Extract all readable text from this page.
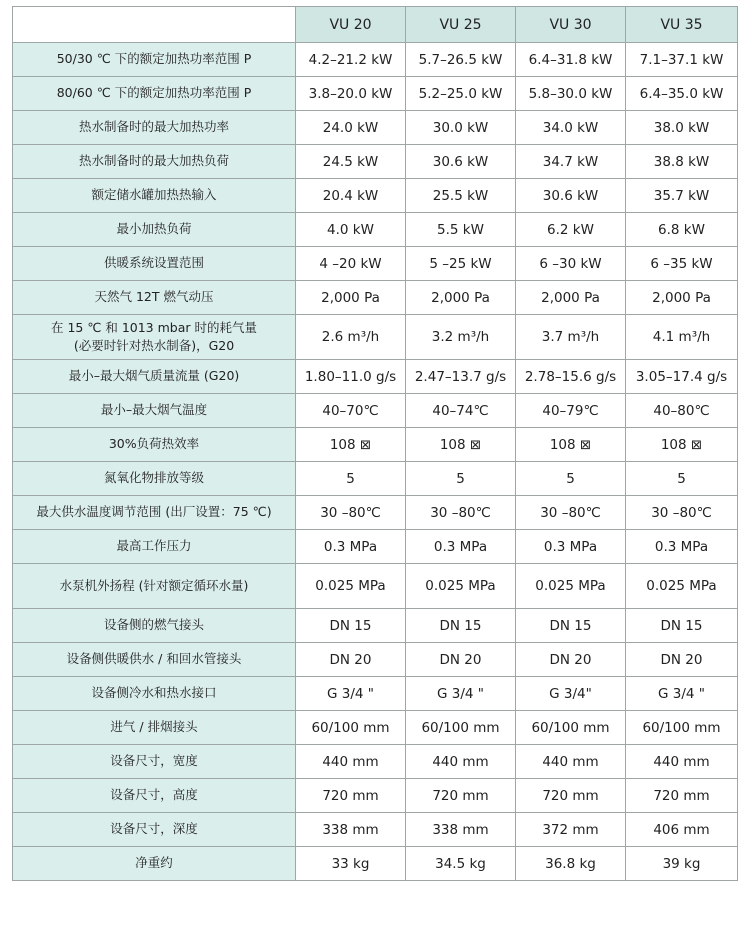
	VU 20	VU 25	VU 30	VU 35

50/30 ℃ 下的额定加热功率范围 P	4.2–21.2 kW	5.7–26.5 kW	6.4–31.8 kW	7.1–37.1 kW

80/60 ℃ 下的额定加热功率范围 P	3.8–20.0 kW	5.2–25.0 kW	5.8–30.0 kW	6.4–35.0 kW

热水制备时的最大加热功率	24.0 kW	30.0 kW	34.0 kW	38.0 kW

热水制备时的最大加热负荷	24.5 kW	30.6 kW	34.7 kW	38.8 kW

额定储水罐加热热输入	20.4 kW	25.5 kW	30.6 kW	35.7 kW

最小加热负荷	4.0 kW	5.5 kW	6.2 kW	6.8 kW

供暖系统设置范围	4 –20 kW	5 –25 kW	6 –30 kW	6 –35 kW

天然气 12T 燃气动压	2,000 Pa	2,000 Pa	2,000 Pa	2,000 Pa

在 15 ℃ 和 1013 mbar 时的耗气量
(必要时针对热水制备)，G20	2.6 m³/h	3.2 m³/h	3.7 m³/h	4.1 m³/h

最小–最大烟气质量流量 (G20)	1.80–11.0 g/s	2.47–13.7 g/s	2.78–15.6 g/s	3.05–17.4 g/s

最小–最大烟气温度	40–70℃	40–74℃	40–79℃	40–80℃

30%负荷热效率	108 ⊠	108 ⊠	108 ⊠	108 ⊠

氮氧化物排放等级	5	5	5	5

最大供水温度调节范围 (出厂设置：75 ℃)	30 –80℃	30 –80℃	30 –80℃	30 –80℃

最高工作压力	0.3 MPa	0.3 MPa	0.3 MPa	0.3 MPa

水泵机外扬程 (针对额定循环水量)	0.025 MPa	0.025 MPa	0.025 MPa	0.025 MPa

设备侧的燃气接头	DN 15	DN 15	DN 15	DN 15

设备侧供暖供水 / 和回水管接头	DN 20	DN 20	DN 20	DN 20

设备侧冷水和热水接口	G 3/4 "	G 3/4 "	G 3/4"	G 3/4 "

进气 / 排烟接头	60/100 mm	60/100 mm	60/100 mm	60/100 mm

设备尺寸，宽度	440 mm	440 mm	440 mm	440 mm

设备尺寸，高度	720 mm	720 mm	720 mm	720 mm

设备尺寸，深度	338 mm	338 mm	372 mm	406 mm

净重约	33 kg	34.5 kg	36.8 kg	39 kg
